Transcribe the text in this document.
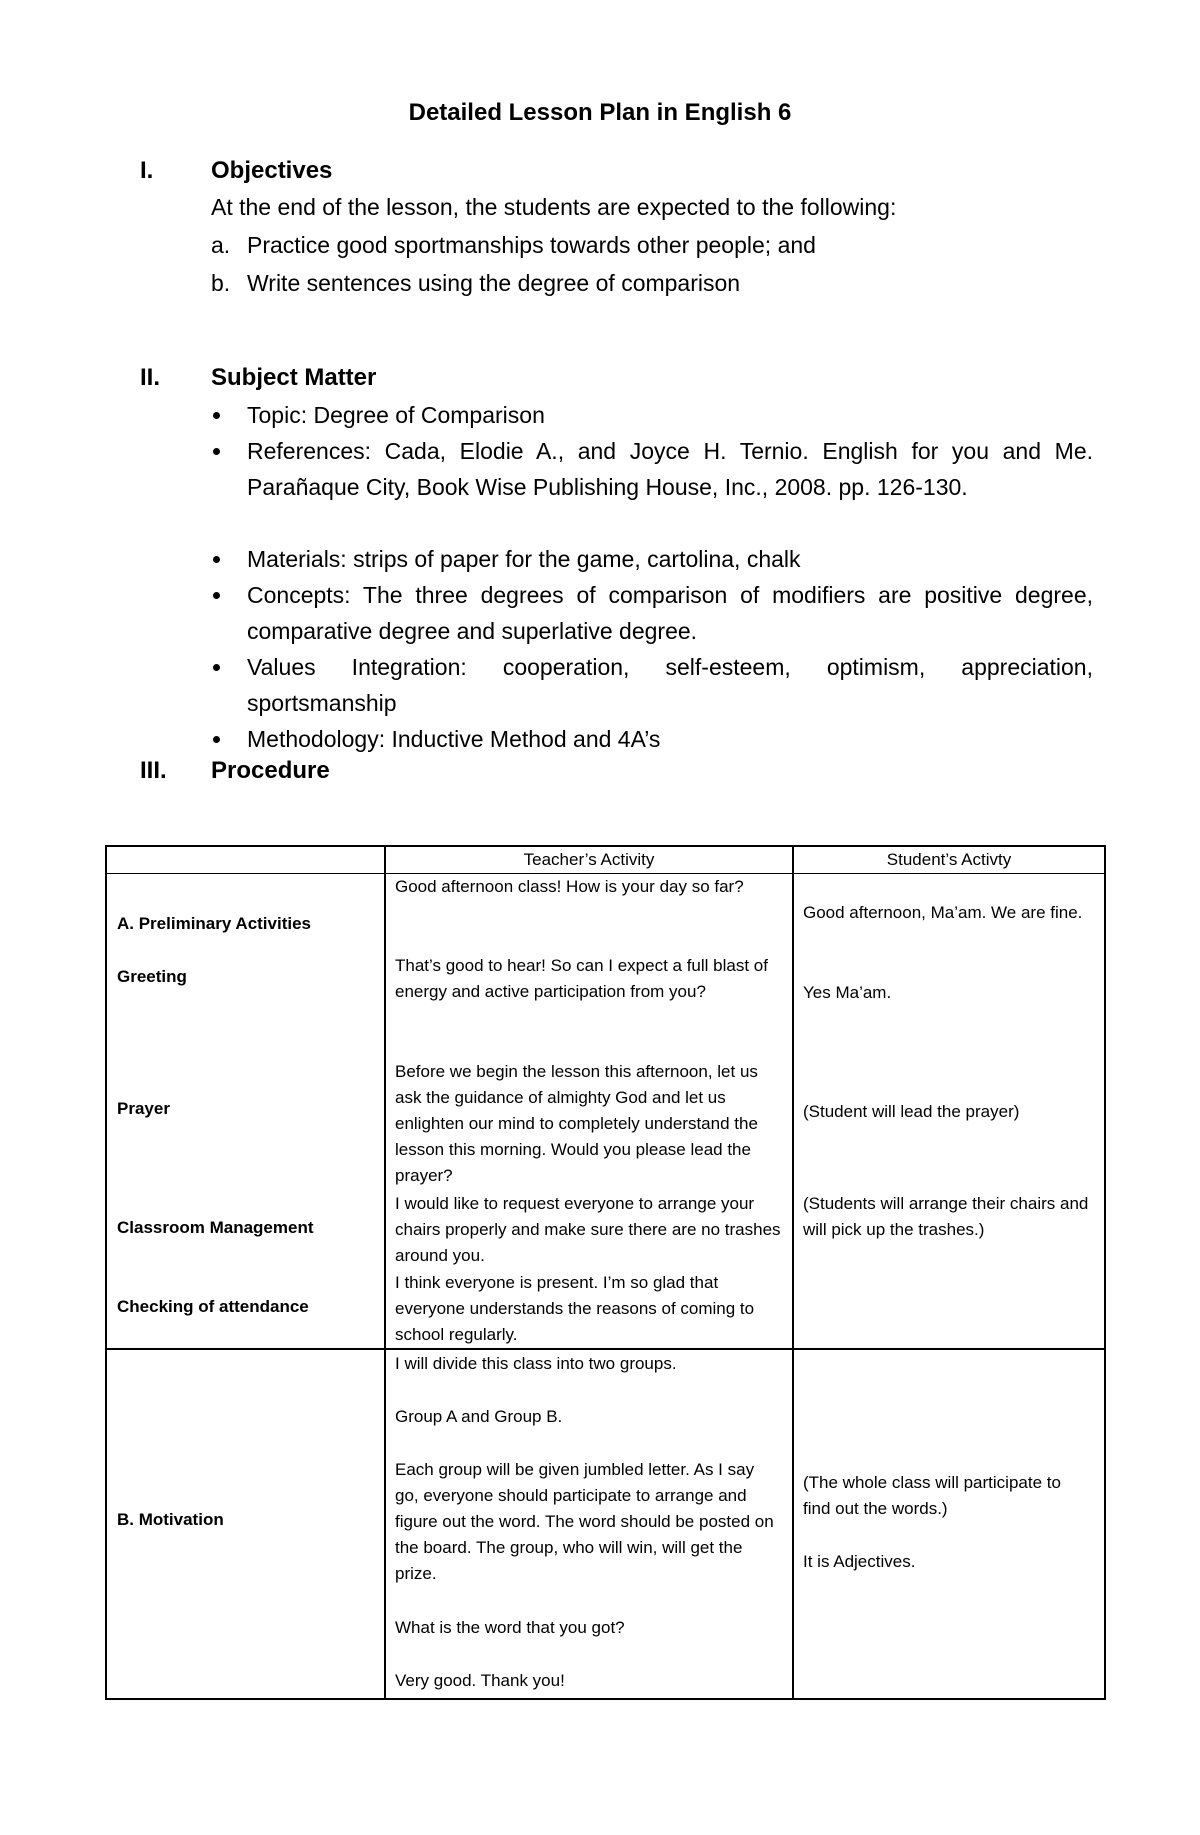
Detailed Lesson Plan in English 6
I. Objectives
At the end of the lesson, the students are expected to the following:
a. Practice good sportmanships towards other people; and
b. Write sentences using the degree of comparison
II. Subject Matter
Topic: Degree of Comparison
References: Cada, Elodie A., and Joyce H. Ternio. English for you and Me. Parañaque City, Book Wise Publishing House, Inc., 2008. pp. 126-130.
Materials: strips of paper for the game, cartolina, chalk
Concepts: The three degrees of comparison of modifiers are positive degree, comparative degree and superlative degree.
Values Integration: cooperation, self-esteem, optimism, appreciation, sportsmanship
Methodology: Inductive Method and 4A’s
III. Procedure
Teacher’s Activity	Student’s Activty
A. Preliminary Activities
Greeting
Prayer
Classroom Management
Checking of attendance
Good afternoon class! How is your day so far?
That’s good to hear! So can I expect a full blast of energy and active participation from you?
Before we begin the lesson this afternoon, let us ask the guidance of almighty God and let us enlighten our mind to completely understand the lesson this morning. Would you please lead the prayer?
I would like to request everyone to arrange your chairs properly and make sure there are no trashes around you.
I think everyone is present. I’m so glad that everyone understands the reasons of coming to school regularly.
Good afternoon, Ma’am. We are fine.
Yes Ma’am.
(Student will lead the prayer)
(Students will arrange their chairs and will pick up the trashes.)
B. Motivation
I will divide this class into two groups.
Group A and Group B.
Each group will be given jumbled letter. As I say go, everyone should participate to arrange and figure out the word. The word should be posted on the board. The group, who will win, will get the prize.
What is the word that you got?
Very good. Thank you!
(The whole class will participate to find out the words.)
It is Adjectives.
